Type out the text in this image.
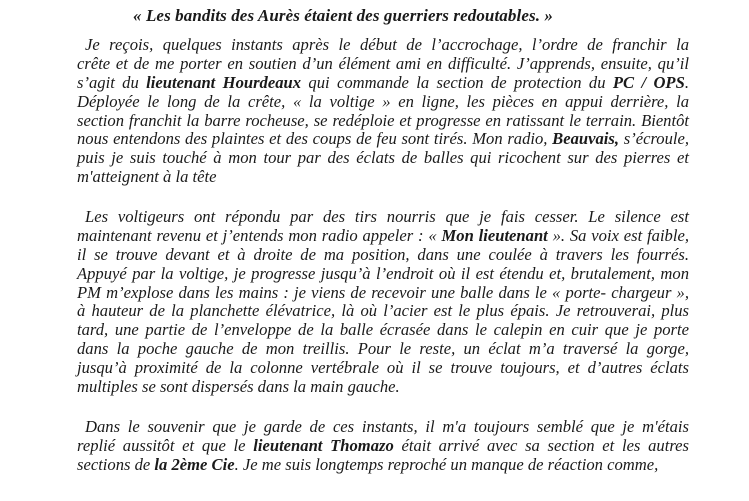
« Les bandits des Aurès étaient des guerriers redoutables. »
Je reçois, quelques instants après le début de l’accrochage, l’ordre de franchir la
crête et de me porter en soutien d’un élément ami en difficulté. J’apprends, ensuite, qu’il
s’agit du lieutenant Hourdeaux qui commande la section de protection du PC / OPS.
Déployée le long de la crête, « la voltige » en ligne, les pièces en appui derrière, la
section franchit la barre rocheuse, se redéploie et progresse en ratissant le terrain. Bientôt
nous entendons des plaintes et des coups de feu sont tirés. Mon radio, Beauvais, s’écroule,
puis je suis touché à mon tour par des éclats de balles qui ricochent sur des pierres et
m'atteignent à la tête
Les voltigeurs ont répondu par des tirs nourris que je fais cesser. Le silence est
maintenant revenu et j’entends mon radio appeler : « Mon lieutenant ». Sa voix est faible,
il se trouve devant et à droite de ma position, dans une coulée à travers les fourrés.
Appuyé par la voltige, je progresse jusqu’à l’endroit où il est étendu et, brutalement, mon
PM m’explose dans les mains : je viens de recevoir une balle dans le « porte- chargeur »,
à hauteur de la planchette élévatrice, là où l’acier est le plus épais. Je retrouverai, plus
tard, une partie de l’enveloppe de la balle écrasée dans le calepin en cuir que je porte
dans la poche gauche de mon treillis. Pour le reste, un éclat m’a traversé la gorge,
jusqu’à proximité de la colonne vertébrale où il se trouve toujours, et d’autres éclats
multiples se sont dispersés dans la main gauche.
Dans le souvenir que je garde de ces instants, il m'a toujours semblé que je m'étais
replié aussitôt et que le lieutenant Thomazo était arrivé avec sa section et les autres
sections de la 2ème Cie. Je me suis longtemps reproché un manque de réaction comme,
